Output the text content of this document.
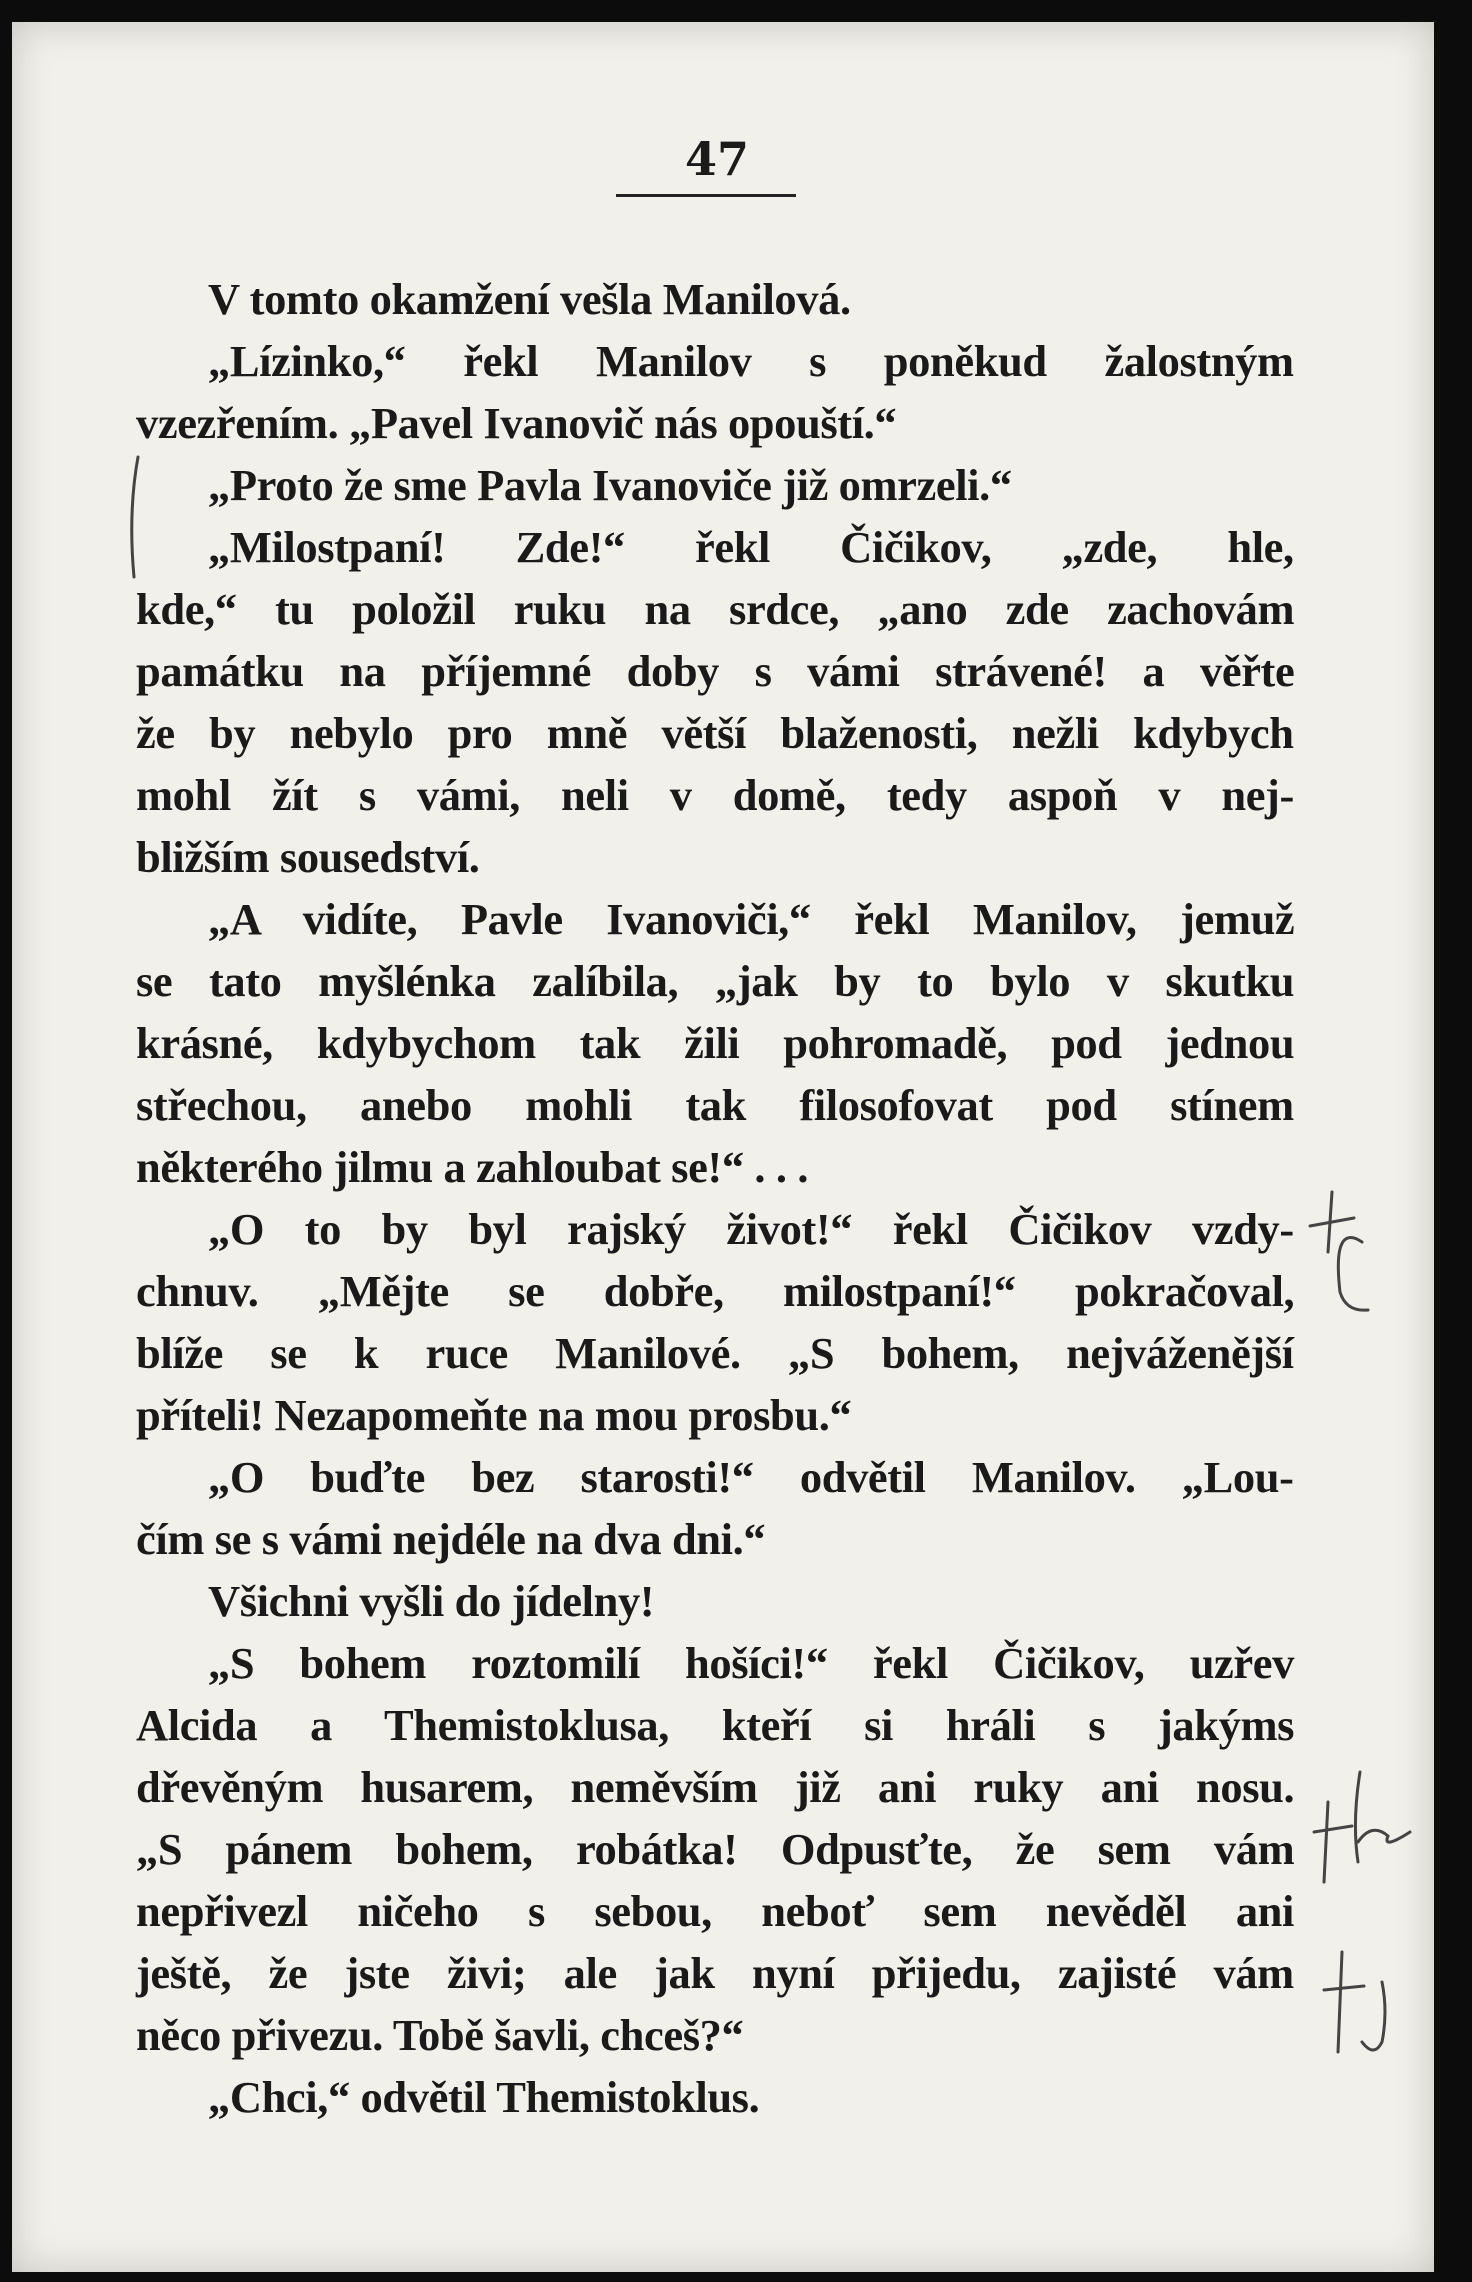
47

V tomto okamžení vešla Manilová.

„Lízinko,“ řekl Manilov s poněkud žalostným
vzezřením. „Pavel Ivanovič nás opouští.“

„Proto že sme Pavla Ivanoviče již omrzeli.“

„Milostpaní! Zde!“ řekl Čičikov, „zde, hle,
kde,“ tu položil ruku na srdce, „ano zde zachovám
památku na příjemné doby s vámi strávené! a věřte
že by nebylo pro mně větší blaženosti, nežli kdybych
mohl žít s vámi, neli v domě, tedy aspoň v nej-
bližším sousedství.

„A vidíte, Pavle Ivanoviči,“ řekl Manilov, jemuž
se tato myšlénka zalíbila, „jak by to bylo v skutku
krásné, kdybychom tak žili pohromadě, pod jednou
střechou, anebo mohli tak filosofovat pod stínem
některého jilmu a zahloubat se!“ . . .

„O to by byl rajský život!“ řekl Čičikov vzdy-
chnuv. „Mějte se dobře, milostpaní!“ pokračoval,
blíže se k ruce Manilové. „S bohem, nejváženější
příteli! Nezapomeňte na mou prosbu.“

„O buďte bez starosti!“ odvětil Manilov. „Lou-
čím se s vámi nejdéle na dva dni.“

Všichni vyšli do jídelny!

„S bohem roztomilí hošíci!“ řekl Čičikov, uzřev
Alcida a Themistoklusa, kteří si hráli s jakýms
dřevěným husarem, neměvším již ani ruky ani nosu.
„S pánem bohem, robátka! Odpusťte, že sem vám
nepřivezl ničeho s sebou, neboť sem nevěděl ani
ještě, že jste živi; ale jak nyní přijedu, zajisté vám
něco přivezu. Tobě šavli, chceš?“

„Chci,“ odvětil Themistoklus.
